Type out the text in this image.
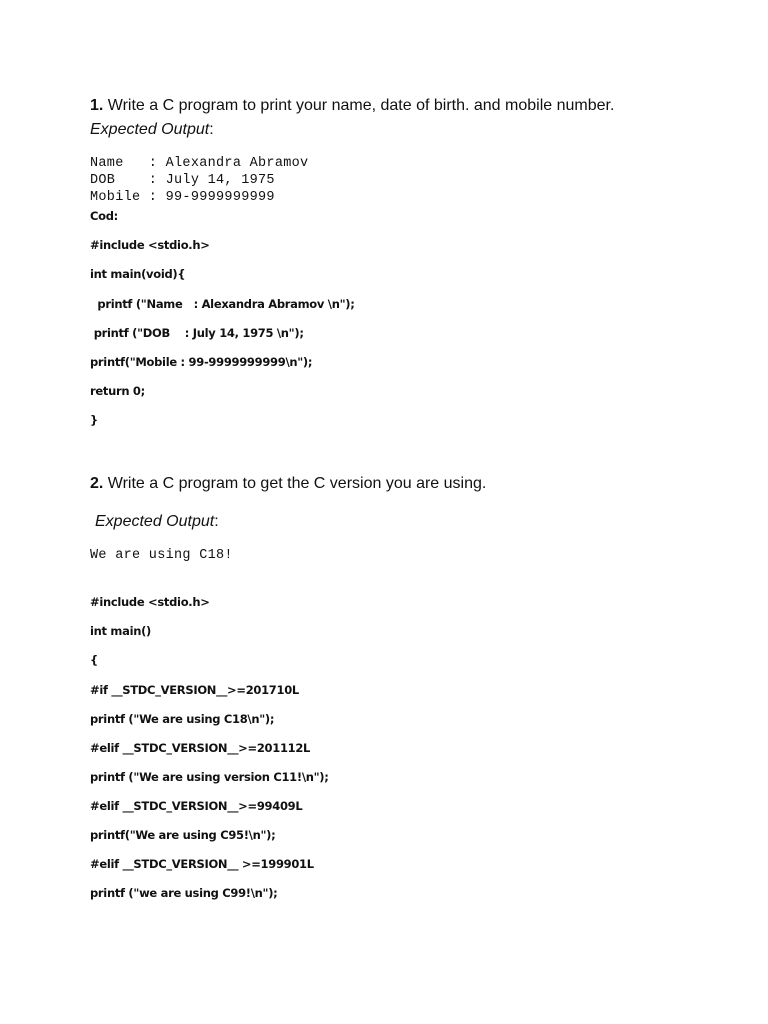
1. Write a C program to print your name, date of birth. and mobile number.
Expected Output:
Name   : Alexandra Abramov
DOB    : July 14, 1975
Mobile : 99-9999999999
Cod:
#include <stdio.h>
int main(void){
printf ("Name   : Alexandra Abramov \n");
printf ("DOB    : July 14, 1975 \n");
printf("Mobile : 99-9999999999\n");
return 0;
}
2. Write a C program to get the C version you are using.
Expected Output:
We are using C18!
#include <stdio.h>
int main()
{
#if __STDC_VERSION__>=201710L
printf ("We are using C18\n");
#elif __STDC_VERSION__>=201112L
printf ("We are using version C11!\n");
#elif __STDC_VERSION__>=99409L
printf("We are using C95!\n");
#elif __STDC_VERSION__ >=199901L
printf ("we are using C99!\n");
